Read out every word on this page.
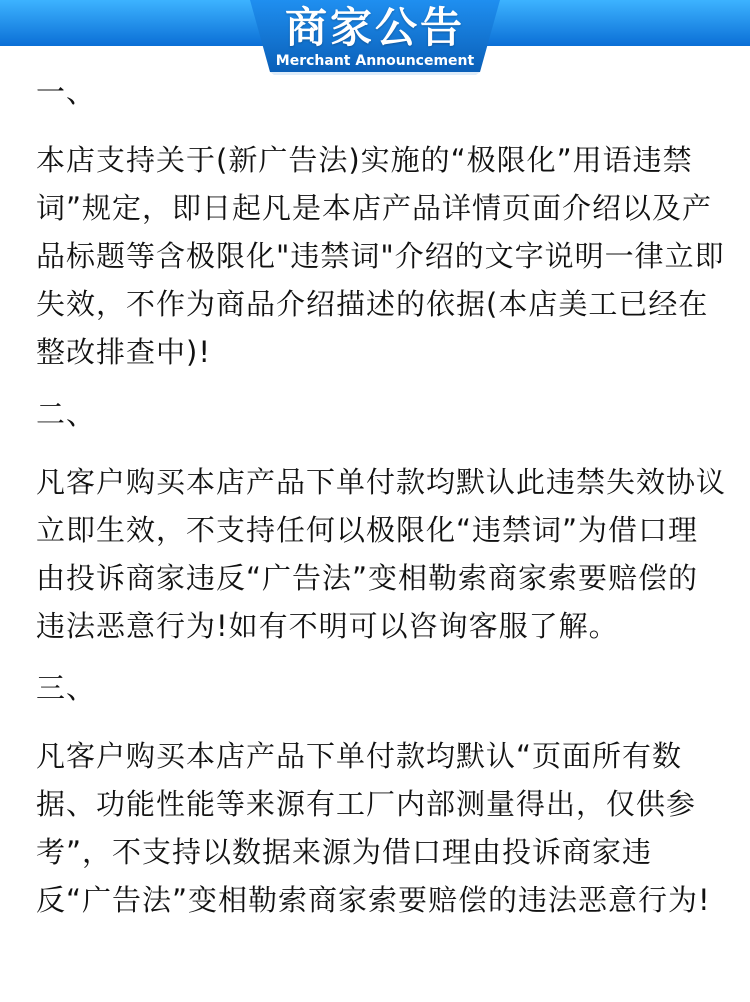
商家公告
Merchant Announcement
一、
本店支持关于(新广告法)实施的“极限化”用语违禁词”规定，即日起凡是本店产品详情页面介绍以及产品标题等含极限化"违禁词"介绍的文字说明一律立即失效，不作为商品介绍描述的依据(本店美工已经在整改排查中)!
二、
凡客户购买本店产品下单付款均默认此违禁失效协议立即生效，不支持任何以极限化“违禁词”为借口理由投诉商家违反“广告法”变相勒索商家索要赔偿的违法恶意行为!如有不明可以咨询客服了解。
三、
凡客户购买本店产品下单付款均默认“页面所有数据、功能性能等来源有工厂内部测量得出，仅供参考”，不支持以数据来源为借口理由投诉商家违反“广告法”变相勒索商家索要赔偿的违法恶意行为!
